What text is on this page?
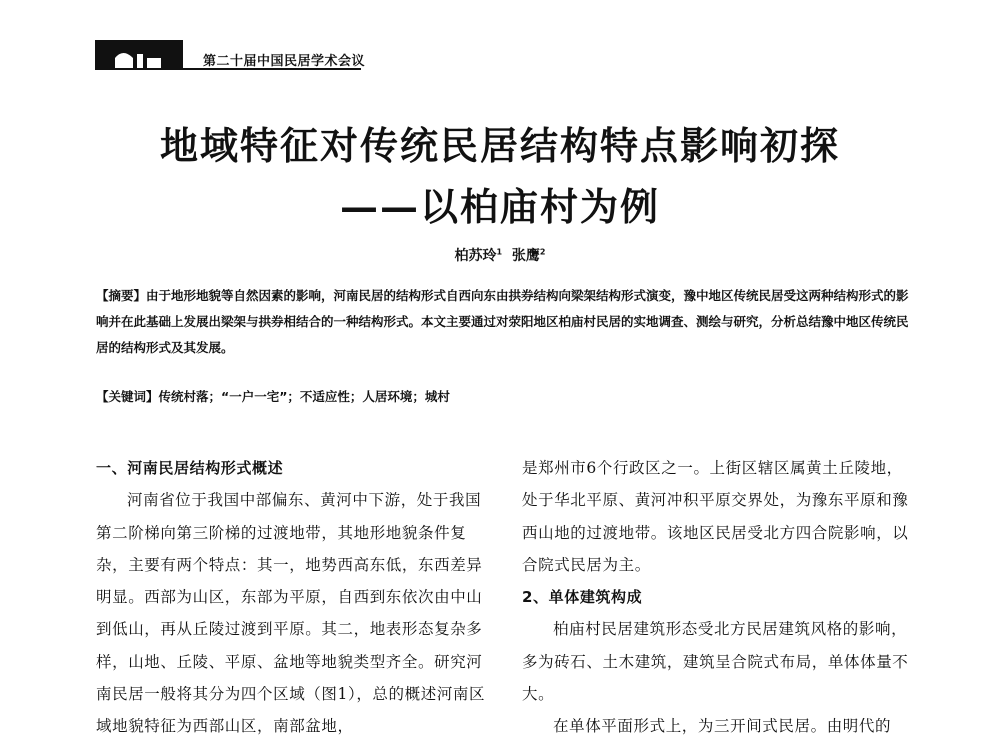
第二十届中国民居学术会议
地域特征对传统民居结构特点影响初探
——以柏庙村为例
柏苏玲$^1$ 张鹰$^2$
【摘要】由于地形地貌等自然因素的影响，河南民居的结构形式自西向东由拱券结构向梁架结构形式演变，豫中地区传统民居受这两种结构形式的影响并在此基础上发展出梁架与拱券相结合的一种结构形式。本文主要通过对荥阳地区柏庙村民居的实地调查、测绘与研究，分析总结豫中地区传统民居的结构形式及其发展。
【关键词】传统村落；“一户一宅”；不适应性；人居环境；城村

一、河南民居结构形式概述

河南省位于我国中部偏东、黄河中下游，处于我国第二阶梯向第三阶梯的过渡地带，其地形地貌条件复杂，主要有两个特点：其一，地势西高东低，东西差异明显。西部为山区，东部为平原，自西到东依次由中山到低山，再从丘陵过渡到平原。其二，地表形态复杂多样，山地、丘陵、平原、盆地等地貌类型齐全。研究河南民居一般将其分为四个区域（图1），总的概述河南区域地貌特征为西部山区，南部盆地，

是郑州市6个行政区之一。上街区辖区属黄土丘陵地，处于华北平原、黄河冲积平原交界处，为豫东平原和豫西山地的过渡地带。该地区民居受北方四合院影响，以合院式民居为主。

2、单体建筑构成

柏庙村民居建筑形态受北方民居建筑风格的影响，多为砖石、土木建筑，建筑呈合院式布局，单体体量不大。

在单体平面形式上，为三开间式民居。由明代的
